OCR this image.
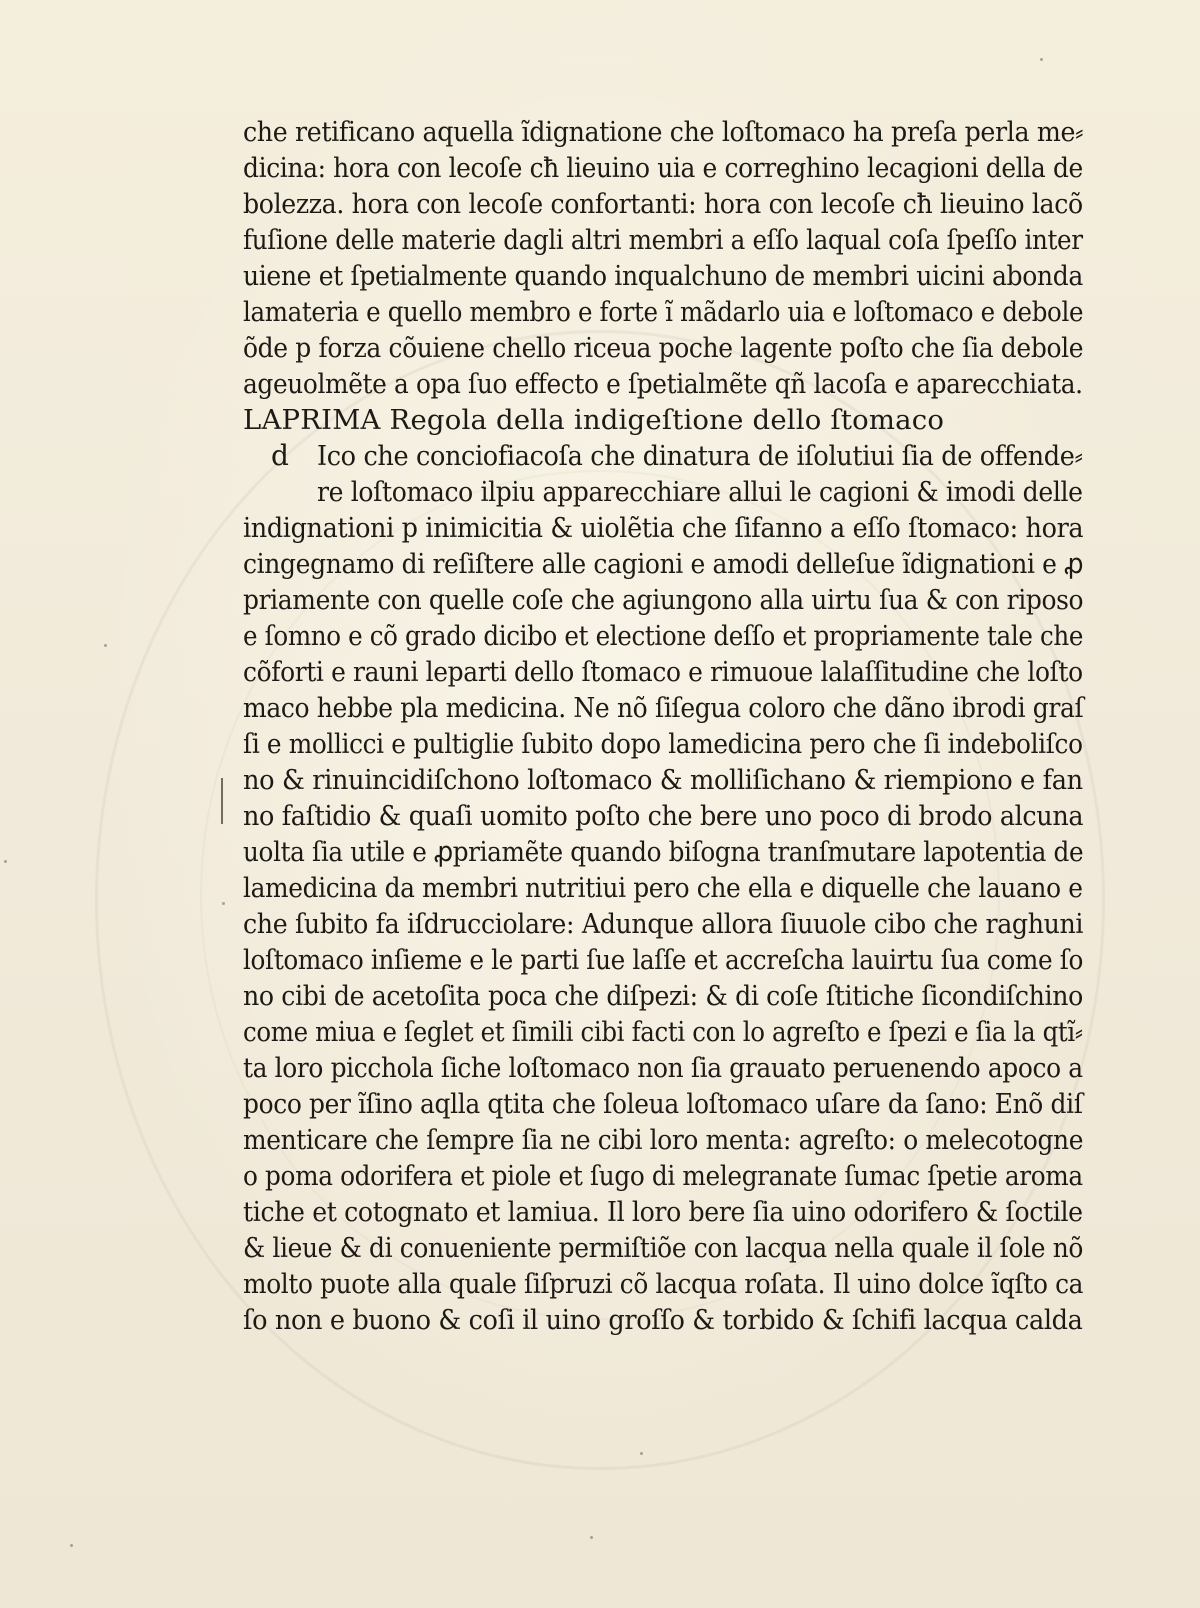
che retificano aquella ĩdignatione che loſtomaco ha preſa perla me⸗
dicina: hora con lecoſe cħ lieuino uia e correghino lecagioni della de
bolezza. hora con lecoſe confortanti: hora con lecoſe cħ lieuino lacõ
fuſione delle materie dagli altri membri a eſſo laqual coſa ſpeſſo inter
uiene et ſpetialmente quando inqualchuno de membri uicini abonda
lamateria e quello membro e forte ĩ mãdarlo uia e loſtomaco e debole
õde p forza cõuiene chello riceua poche lagente poſto che ſia debole
ageuolmẽte a opa ſuo effecto e ſpetialmẽte qñ lacoſa e aparecchiata.
LAPRIMA Regola della indigeſtione dello ſtomaco
d Ico che conciofiacoſa che dinatura de iſolutiui ſia de offende⸗
re loſtomaco ilpiu apparecchiare allui le cagioni & imodi delle
indignationi p inimicitia & uiolẽtia che ſifanno a eſſo ſtomaco: hora
cingegnamo di reſiſtere alle cagioni e amodi delleſue ĩdignationi e ꝓ
priamente con quelle coſe che agiungono alla uirtu ſua & con riposo
e ſomno e cõ grado dicibo et electione deſſo et propriamente tale che
cõforti e rauni leparti dello ſtomaco e rimuoue lalaſſitudine che loſto
maco hebbe pla medicina. Ne nõ ſiſegua coloro che dãno ibrodi graſ
ſi e mollicci e pultiglie ſubito dopo lamedicina pero che ſi indeboliſco
no & rinuincidiſchono loſtomaco & molliſichano & riempiono e fan
no faſtidio & quaſi uomito poſto che bere uno poco di brodo alcuna
uolta ſia utile e ꝓpriamẽte quando biſogna tranſmutare lapotentia de
lamedicina da membri nutritiui pero che ella e diquelle che lauano e
che ſubito fa iſdrucciolare: Adunque allora ſiuuole cibo che raghuni
loſtomaco inſieme e le parti ſue laſſe et accreſcha lauirtu ſua come ſo
no cibi de acetoſita poca che diſpezi: & di coſe ſtitiche ſicondiſchino
come miua e ſeglet et ſimili cibi facti con lo agreſto e ſpezi e ſia la qtĩ⸗
ta loro picchola ſiche loſtomaco non ſia grauato peruenendo apoco a
poco per ĩſino aqlla qtita che ſoleua loſtomaco uſare da ſano: Enõ diſ
menticare che ſempre ſia ne cibi loro menta: agreſto: o melecotogne
o poma odorifera et piole et ſugo di melegranate ſumac ſpetie aroma
tiche et cotognato et lamiua. Il loro bere ſia uino odorifero & ſoctile
& lieue & di conueniente permiſtiõe con lacqua nella quale il ſole nõ
molto puote alla quale ſiſpruzi cõ lacqua roſata. Il uino dolce ĩqſto ca
ſo non e buono & coſi il uino groſſo & torbido & ſchifi lacqua calda
